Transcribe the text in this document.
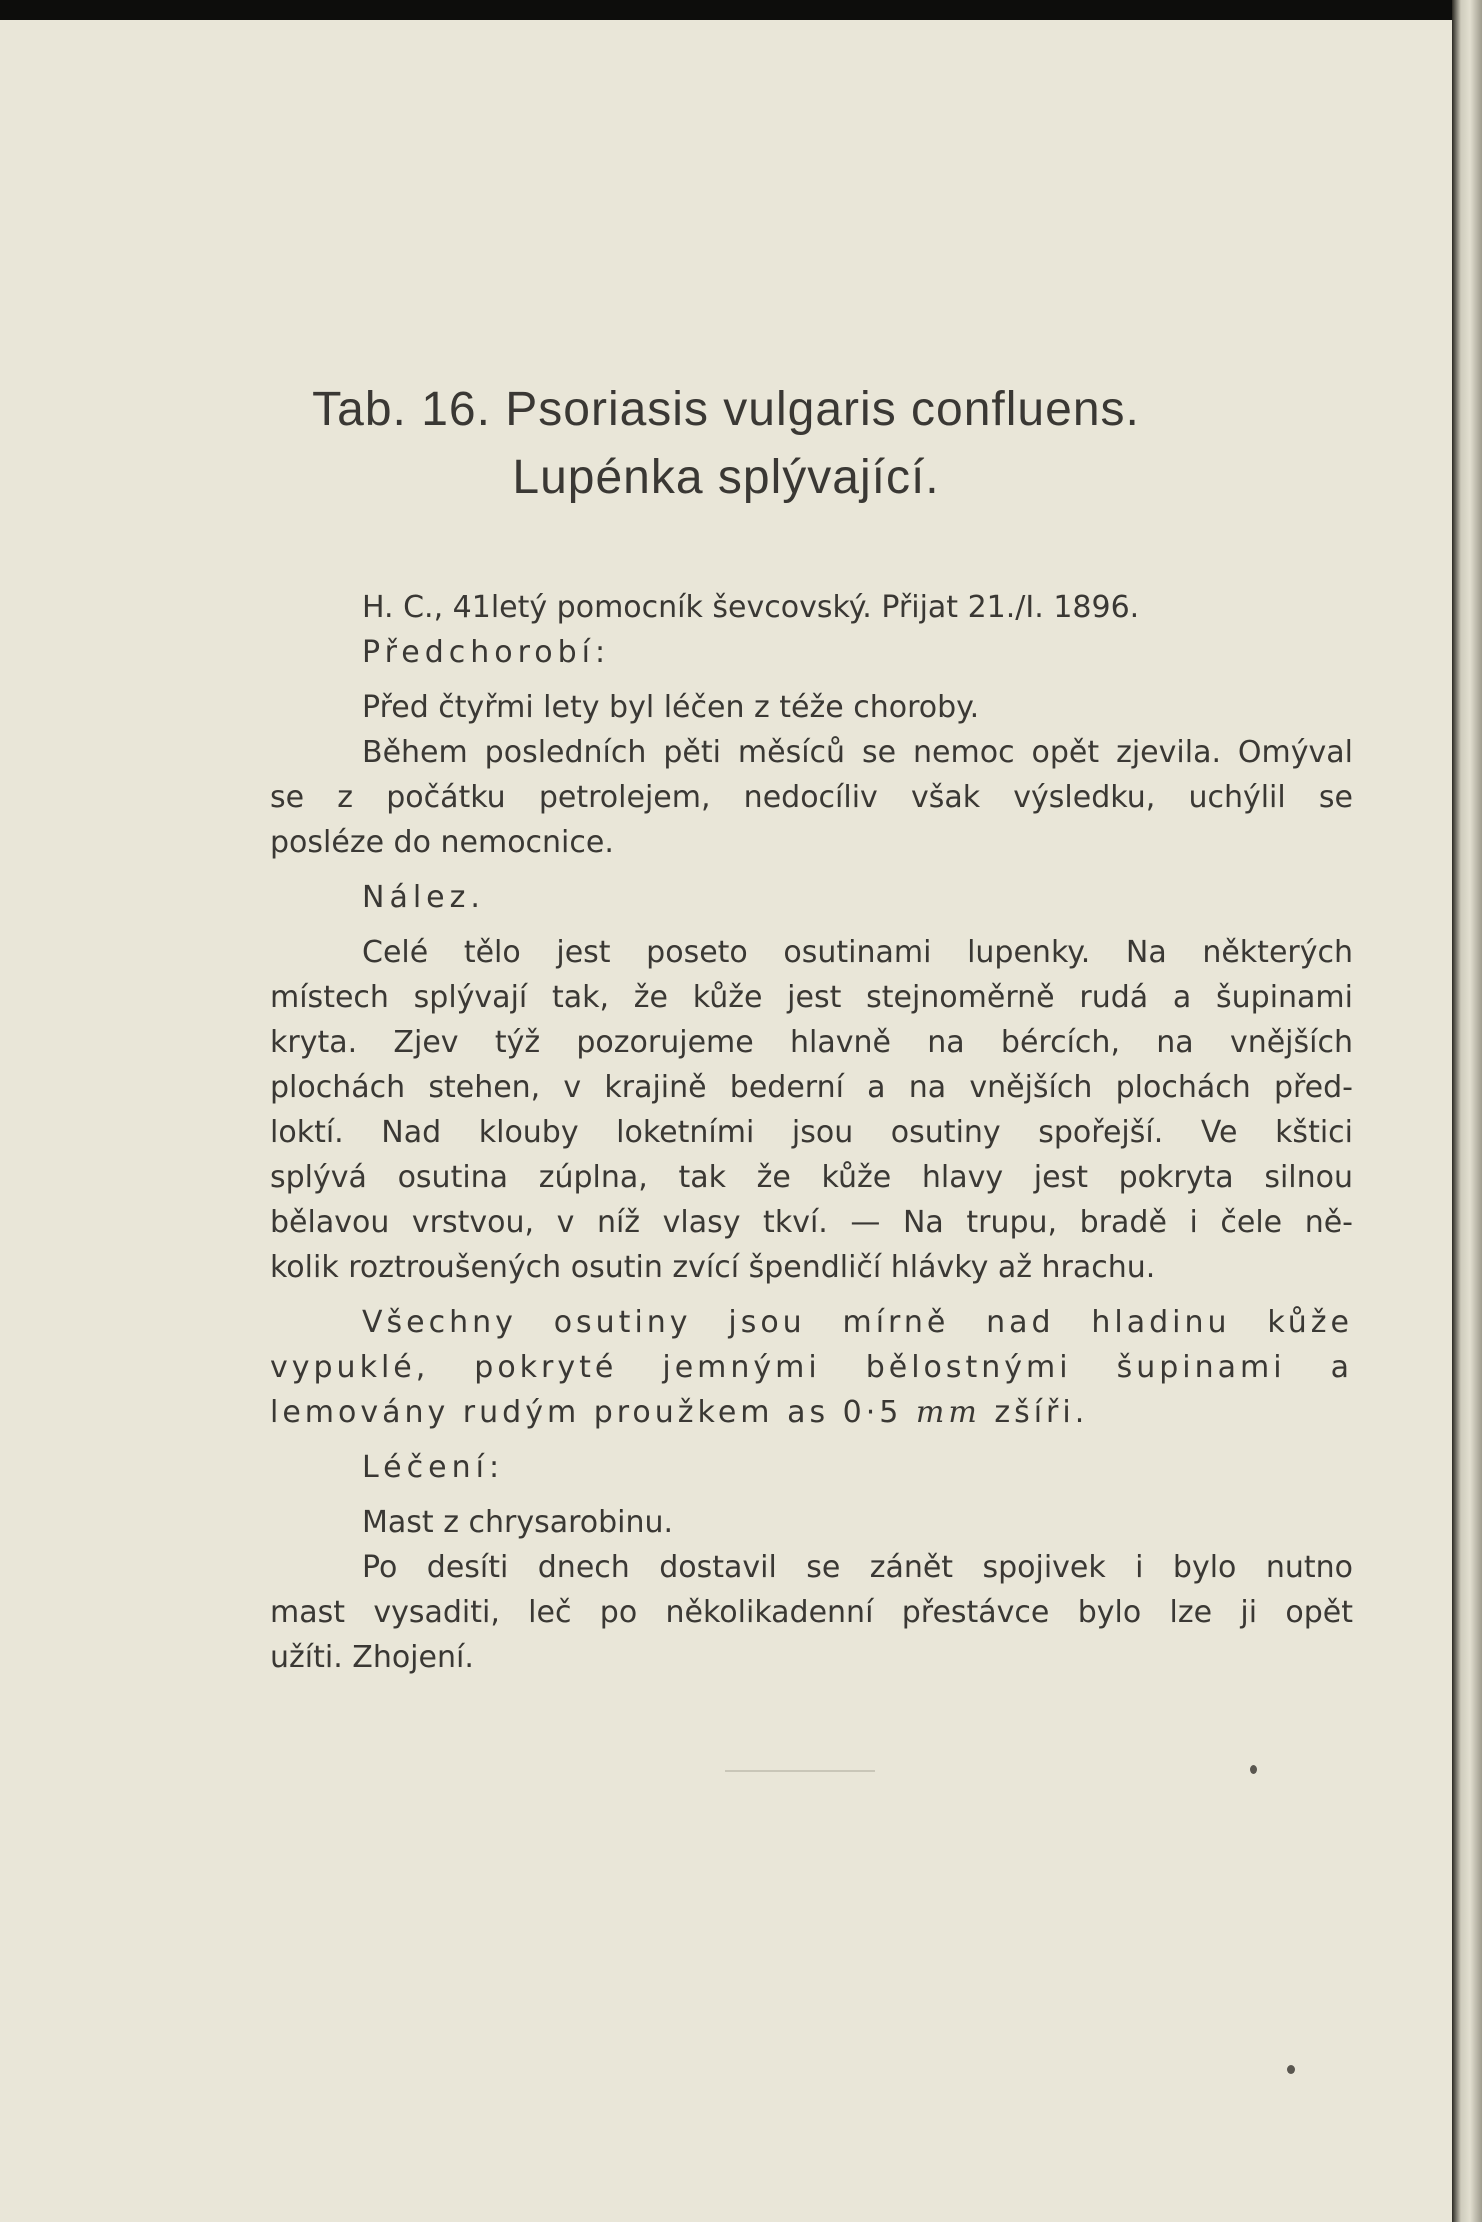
Tab. 16. Psoriasis vulgaris confluens.
Lupénka splývající.

H. C., 41letý pomocník ševcovský. Přijat 21./I. 1896.

Předchorobí:

Před čtyřmi lety byl léčen z téže choroby.

Během posledních pěti měsíců se nemoc opět zjevila. Omýval

se z počátku petrolejem, nedocíliv však výsledku, uchýlil se

posléze do nemocnice.

Nález.

Celé tělo jest poseto osutinami lupenky. Na některých

místech splývají tak, že kůže jest stejnoměrně rudá a šupinami

kryta. Zjev týž pozorujeme hlavně na bércích, na vnějších

plochách stehen, v krajině bederní a na vnějších plochách před-

loktí. Nad klouby loketními jsou osutiny spořejší. Ve kštici

splývá osutina zúplna, tak že kůže hlavy jest pokryta silnou

bělavou vrstvou, v níž vlasy tkví. — Na trupu, bradě i čele ně-

kolik roztroušených osutin zvící špendličí hlávky až hrachu.

Všechny osutiny jsou mírně nad hladinu kůže

vypuklé, pokryté jemnými bělostnými šupinami a

lemovány rudým proužkem as 0·5 mm zšíři.

Léčení:

Mast z chrysarobinu.

Po desíti dnech dostavil se zánět spojivek i bylo nutno

mast vysaditi, leč po několikadenní přestávce bylo lze ji opět

užíti. Zhojení.
